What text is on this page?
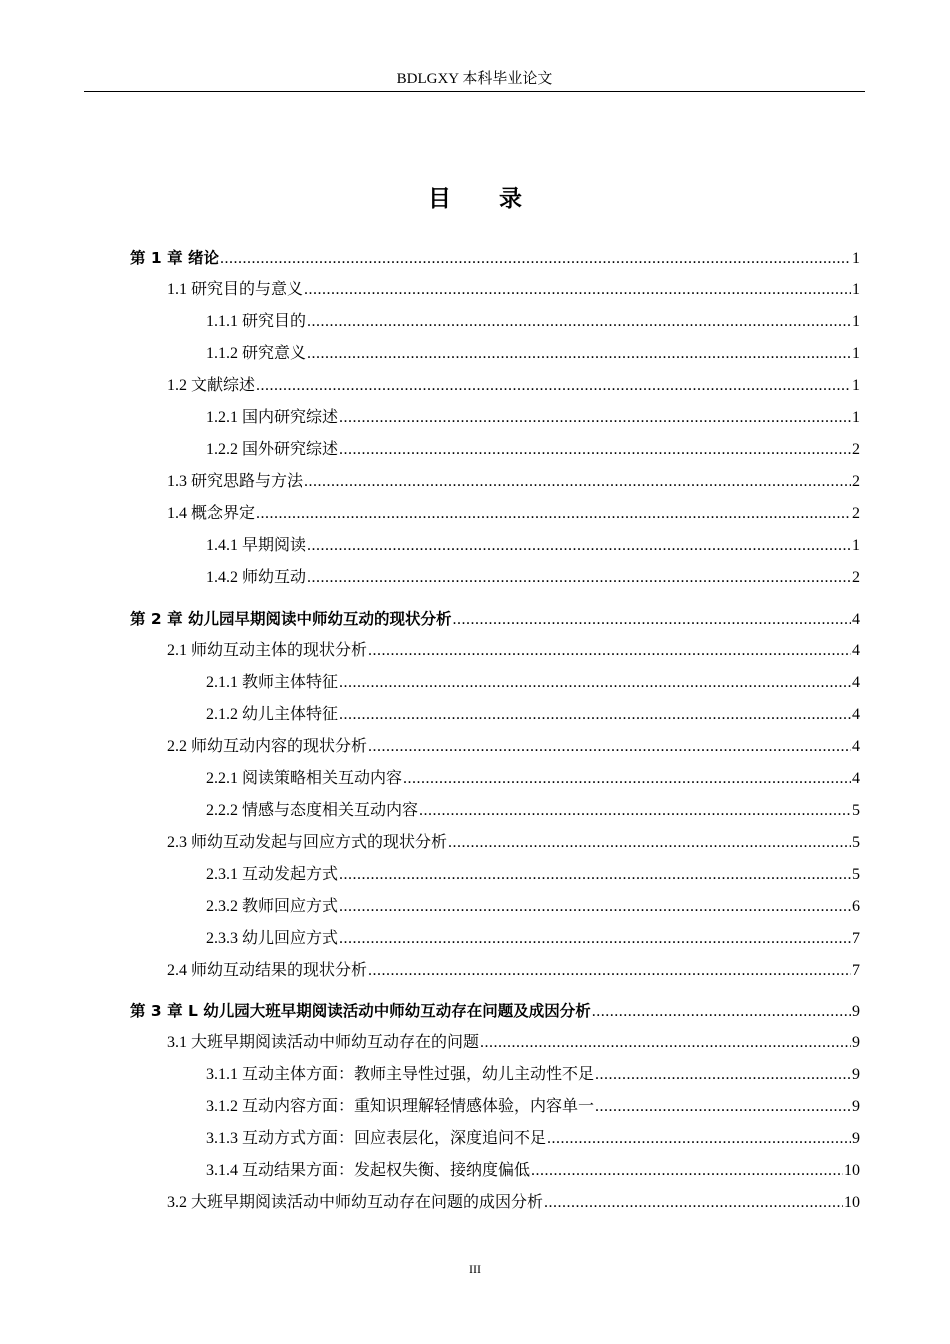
BDLGXY 本科毕业论文
目 录
第 1 章 绪论 .....	1
1.1 研究目的与意义 .....	1
1.1.1 研究目的 .....	1
1.1.2 研究意义 .....	1
1.2 文献综述 .....	1
1.2.1 国内研究综述 .....	1
1.2.2 国外研究综述 .....	2
1.3 研究思路与方法 .....	2
1.4 概念界定 .....	2
1.4.1 早期阅读 .....	1
1.4.2 师幼互动 .....	2
第 2 章 幼儿园早期阅读中师幼互动的现状分析 .....	4
2.1 师幼互动主体的现状分析 .....	4
2.1.1 教师主体特征 .....	4
2.1.2 幼儿主体特征 .....	4
2.2 师幼互动内容的现状分析 .....	4
2.2.1 阅读策略相关互动内容 .....	4
2.2.2 情感与态度相关互动内容 .....	5
2.3 师幼互动发起与回应方式的现状分析 .....	5
2.3.1 互动发起方式 .....	5
2.3.2 教师回应方式 .....	6
2.3.3 幼儿回应方式 .....	7
2.4 师幼互动结果的现状分析 .....	7
第 3 章 L 幼儿园大班早期阅读活动中师幼互动存在问题及成因分析 .....	9
3.1 大班早期阅读活动中师幼互动存在的问题 .....	9
3.1.1 互动主体方面：教师主导性过强，幼儿主动性不足 .....	9
3.1.2 互动内容方面：重知识理解轻情感体验，内容单一 .....	9
3.1.3 互动方式方面：回应表层化，深度追问不足 .....	9
3.1.4 互动结果方面：发起权失衡、接纳度偏低 .....	10
3.2 大班早期阅读活动中师幼互动存在问题的成因分析 .....	10
III
